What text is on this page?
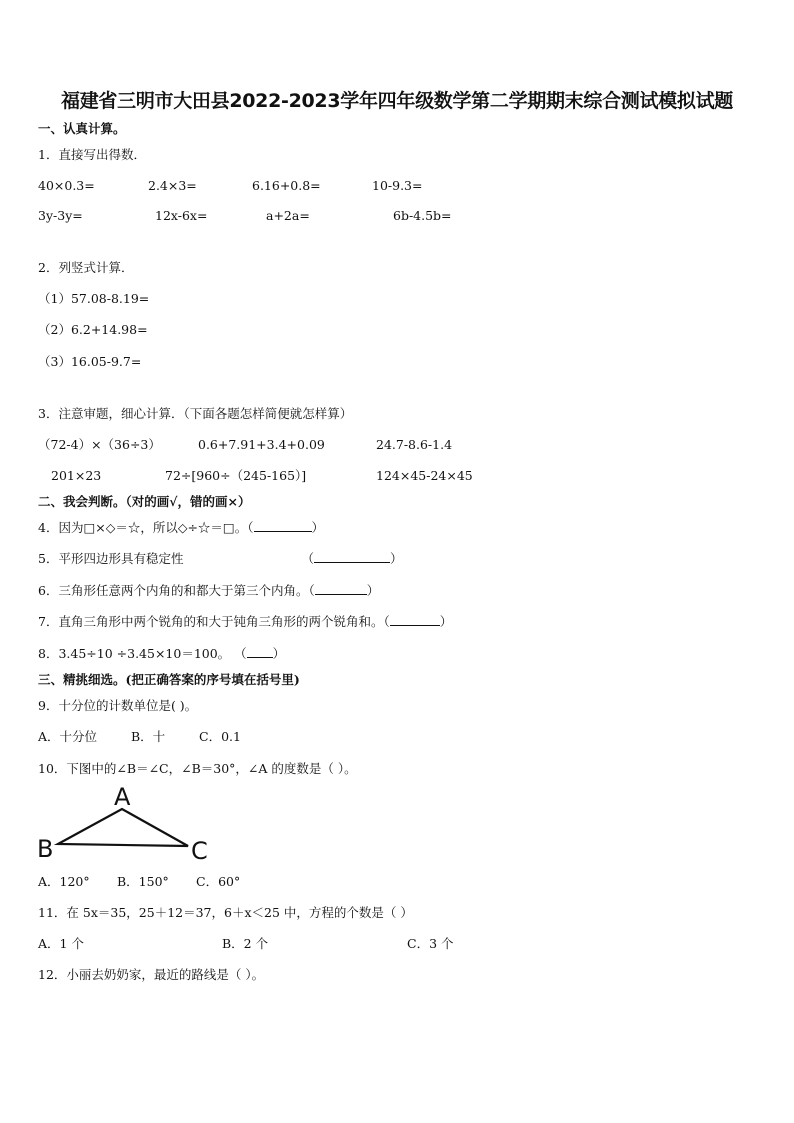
福建省三明市大田县2022-2023学年四年级数学第二学期期末综合测试模拟试题
一、认真计算。
1．直接写出得数．
40×0.3=	2.4×3=	6.16+0.8=	10-9.3=
3y-3y=	12x-6x=	a+2a=	6b-4.5b=
2．列竖式计算．
（1）57.08-8.19=
（2）6.2+14.98=
（3）16.05-9.7=
3．注意审题，细心计算．（下面各题怎样简便就怎样算）
（72-4）×（36÷3）	0.6+7.91+3.4+0.09	24.7-8.6-1.4
201×23	72÷[960÷（245-165）]	124×45-24×45
二、我会判断。（对的画√，错的画×）
4．因为□×◇＝☆，所以◇÷☆＝□。（	）
5．平形四边形具有稳定性	（	）
6．三角形任意两个内角的和都大于第三个内角。（	）
7．直角三角形中两个锐角的和大于钝角三角形的两个锐角和。（	）
8．3.45÷10 ÷3.45×10＝100。 （ ）
三、精挑细选。(把正确答案的序号填在括号里)
9．十分位的计数单位是( )。
A．十分位	B．十	C．0.1
10．下图中的∠B＝∠C，∠B＝30°，∠A 的度数是（ ）。
A
B	C
A．120° B．150° C．60°
11．在 5x＝35，25＋12＝37，6＋x＜25 中，方程的个数是（ ）
A．1 个	B．2 个	C．3 个
12．小丽去奶奶家，最近的路线是（ ）。
